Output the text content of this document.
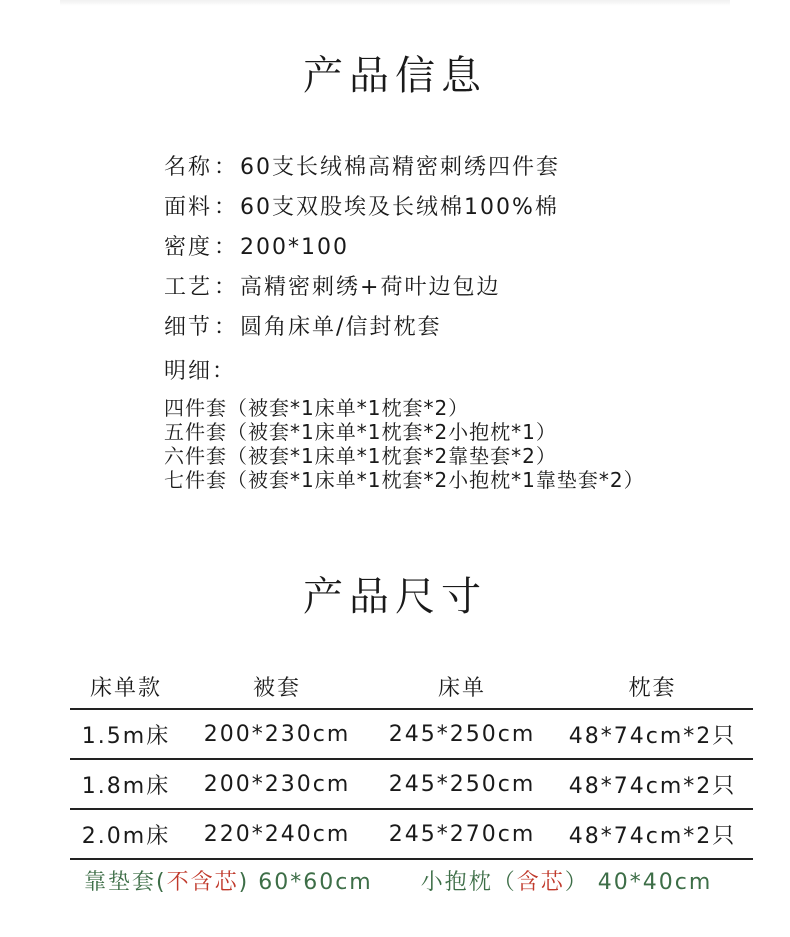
产品信息
名称：60支长绒棉高精密刺绣四件套
面料：60支双股埃及长绒棉100%棉
密度：200*100
工艺：高精密刺绣+荷叶边包边
细节：圆角床单/信封枕套
明细：
四件套（被套*1床单*1枕套*2）
五件套（被套*1床单*1枕套*2小抱枕*1）
六件套（被套*1床单*1枕套*2靠垫套*2）
七件套（被套*1床单*1枕套*2小抱枕*1靠垫套*2）
产品尺寸
床单款	被套	床单	枕套
1.5m床	200*230cm	245*250cm	48*74cm*2只
1.8m床	200*230cm	245*250cm	48*74cm*2只
2.0m床	220*240cm	245*270cm	48*74cm*2只
靠垫套(不含芯) 60*60cm 小抱枕（含芯） 40*40cm
